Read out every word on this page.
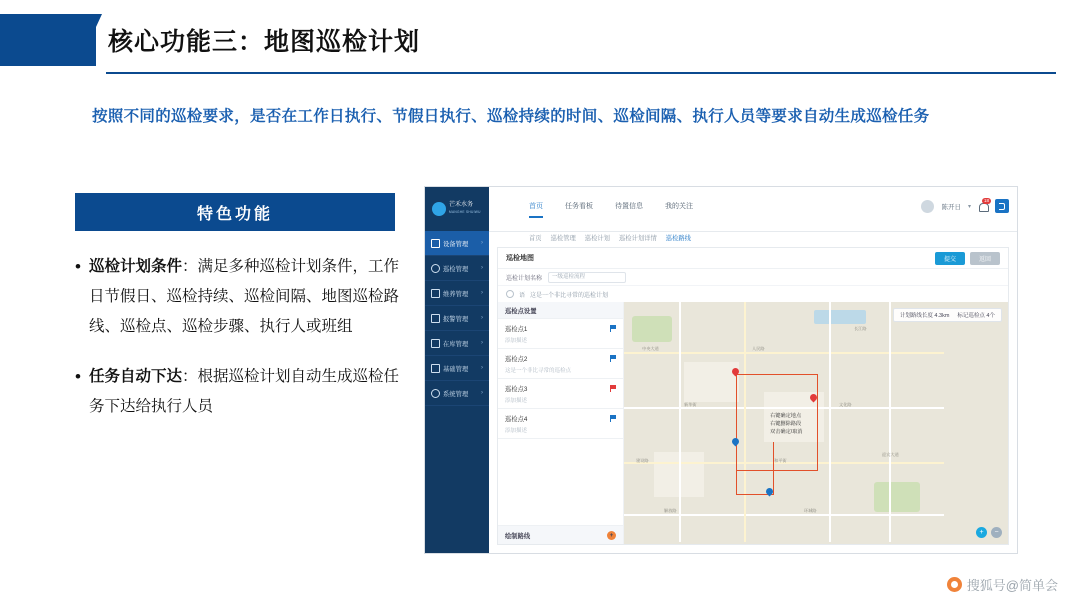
核心功能三：地图巡检计划
按照不同的巡检要求，是否在工作日执行、节假日执行、巡检持续的时间、巡检间隔、执行人员等要求自动生成巡检任务
特色功能
• 巡检计划条件：满足多种巡检计划条件，工作日节假日、巡检持续、巡检间隔、地图巡检路线、巡检点、巡检步骤、执行人或班组
• 任务自动下达：根据巡检计划自动生成巡检任务下达给执行人员
芒禾水务
MANGHE SHUIWU
设备管理 ›
巡检管理 ›
维养管理 ›
报警管理 ›
在库管理 ›
基础管理 ›
系统管理 ›
首页	任务看板	待置信息	我的关注	陈开日 ▾
18
首页 巡检管理 巡检计划 巡检计划详情 巡检路线
巡检地图	提交	返回
巡检计划名称	一级巡检流程
语 这是一个非比寻常的巡检计划
巡检点设置
巡检点1
添加描述
巡检点2
这是一个非比寻常的巡检点
巡检点3
添加描述
巡检点4
添加描述
绘制路线	+
中央大道	人民路
文化路
新华街
建设路	和平街
长江路
解放路	环城路
迎宾大道
计划路线长度 4.3km 标记巡检点 4个
右键确定地点
右键删除路段
双击确定/取消
+	−
搜狐号@简单会
